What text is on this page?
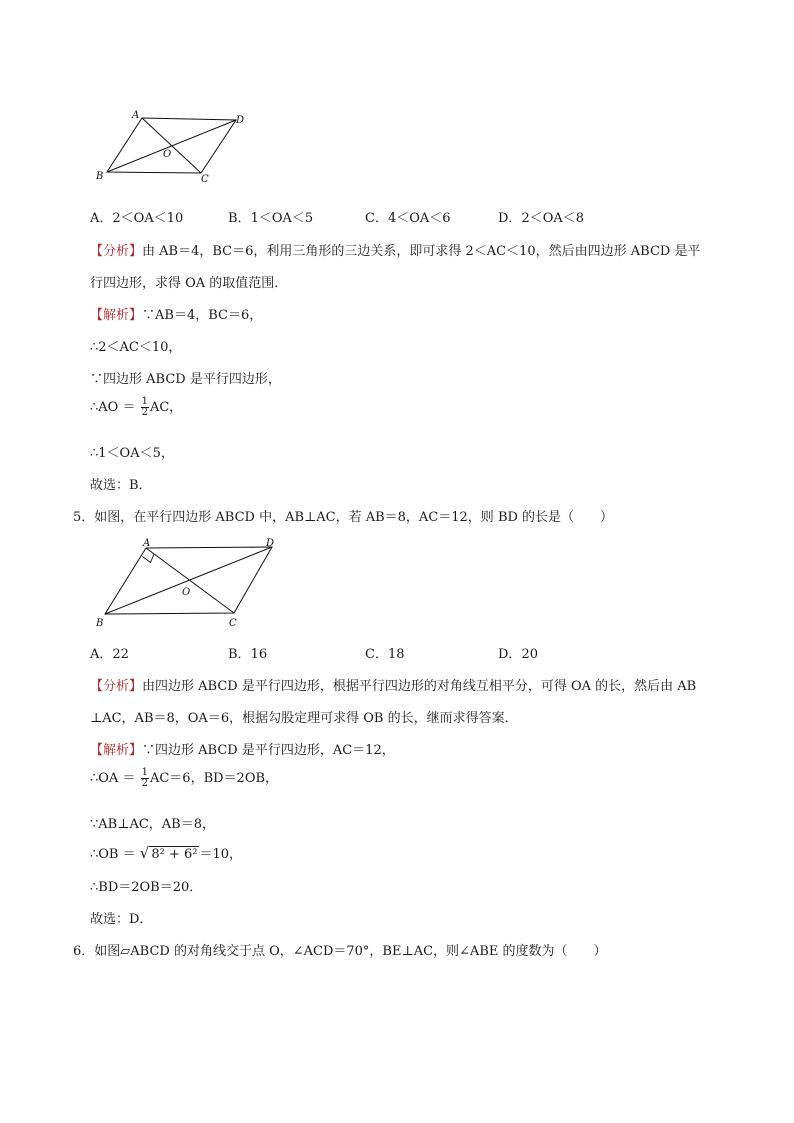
A	D
B	C
O
A．2＜OA＜10	B．1＜OA＜5	C．4＜OA＜6	D．2＜OA＜8
【分析】由 AB＝4，BC＝6，利用三角形的三边关系，即可求得 2＜AC＜10，然后由四边形 ABCD 是平
行四边形，求得 OA 的取值范围．
【解析】∵AB＝4，BC＝6，
∴2＜AC＜10，
∵四边形 ABCD 是平行四边形，
∴AO ＝ $\frac{1}{2}$ AC，
∴1＜OA＜5，
故选：B．
5．如图，在平行四边形 ABCD 中，AB⊥AC，若 AB＝8，AC＝12，则 BD 的长是（　　）
A	D
B	C
O
A．22	B．16	C．18	D．20
【分析】由四边形 ABCD 是平行四边形，根据平行四边形的对角线互相平分，可得 OA 的长，然后由 AB
⊥AC，AB＝8，OA＝6，根据勾股定理可求得 OB 的长，继而求得答案．
【解析】∵四边形 ABCD 是平行四边形，AC＝12，
∴OA ＝ $\frac{1}{2} AC=6$，BD＝2OB，
∵AB⊥AC，AB＝8，
∴OB ＝ √ 8² + 6² ＝10，
∴BD＝2OB＝20．
故选：D．
6．如图▱ABCD 的对角线交于点 O，∠ACD＝70°，BE⊥AC，则∠ABE 的度数为（　　）
